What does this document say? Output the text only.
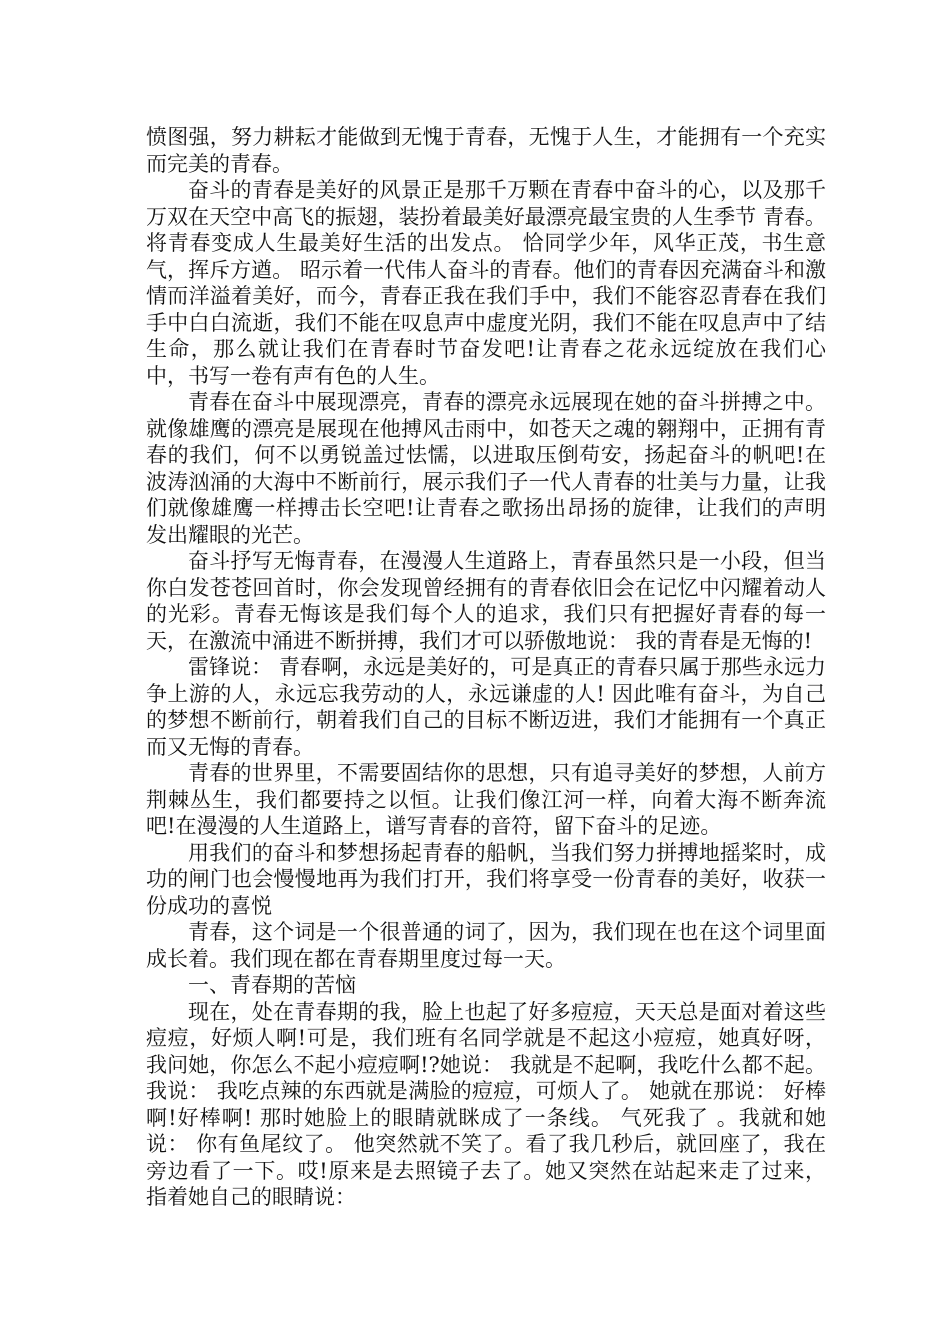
愤图强，努力耕耘才能做到无愧于青春，无愧于人生，才能拥有一个充实而完美的青春。

奋斗的青春是美好的风景正是那千万颗在青春中奋斗的心，以及那千万双在天空中高飞的振翅，装扮着最美好最漂亮最宝贵的人生季节 青春。将青春变成人生最美好生活的出发点。 恰同学少年，风华正茂，书生意气，挥斥方遒。 昭示着一代伟人奋斗的青春。他们的青春因充满奋斗和激情而洋溢着美好，而今，青春正我在我们手中，我们不能容忍青春在我们手中白白流逝，我们不能在叹息声中虚度光阴，我们不能在叹息声中了结生命，那么就让我们在青春时节奋发吧!让青春之花永远绽放在我们心中，书写一卷有声有色的人生。

青春在奋斗中展现漂亮，青春的漂亮永远展现在她的奋斗拼搏之中。就像雄鹰的漂亮是展现在他搏风击雨中，如苍天之魂的翱翔中，正拥有青春的我们，何不以勇锐盖过怯懦，以进取压倒苟安，扬起奋斗的帆吧!在波涛汹涌的大海中不断前行，展示我们子一代人青春的壮美与力量，让我们就像雄鹰一样搏击长空吧!让青春之歌扬出昂扬的旋律，让我们的声明发出耀眼的光芒。

奋斗抒写无悔青春，在漫漫人生道路上，青春虽然只是一小段，但当你白发苍苍回首时，你会发现曾经拥有的青春依旧会在记忆中闪耀着动人的光彩。青春无悔该是我们每个人的追求，我们只有把握好青春的每一天，在激流中涌进不断拼搏，我们才可以骄傲地说： 我的青春是无悔的!

雷锋说： 青春啊，永远是美好的，可是真正的青春只属于那些永远力争上游的人，永远忘我劳动的人，永远谦虚的人! 因此唯有奋斗，为自己的梦想不断前行，朝着我们自己的目标不断迈进，我们才能拥有一个真正而又无悔的青春。

青春的世界里，不需要固结你的思想，只有追寻美好的梦想，人前方荆棘丛生，我们都要持之以恒。让我们像江河一样，向着大海不断奔流吧!在漫漫的人生道路上，谱写青春的音符，留下奋斗的足迹。

用我们的奋斗和梦想扬起青春的船帆，当我们努力拼搏地摇桨时，成功的闸门也会慢慢地再为我们打开，我们将享受一份青春的美好，收获一份成功的喜悦

青春，这个词是一个很普通的词了，因为，我们现在也在这个词里面成长着。我们现在都在青春期里度过每一天。

一、青春期的苦恼

现在，处在青春期的我，脸上也起了好多痘痘，天天总是面对着这些痘痘，好烦人啊!可是，我们班有名同学就是不起这小痘痘，她真好呀，我问她，你怎么不起小痘痘啊!?她说： 我就是不起啊，我吃什么都不起。 我说： 我吃点辣的东西就是满脸的痘痘，可烦人了。 她就在那说： 好棒啊!好棒啊! 那时她脸上的眼睛就眯成了一条线。 气死我了 。我就和她说： 你有鱼尾纹了。 他突然就不笑了。看了我几秒后，就回座了，我在旁边看了一下。哎!原来是去照镜子去了。她又突然在站起来走了过来，指着她自己的眼睛说：
